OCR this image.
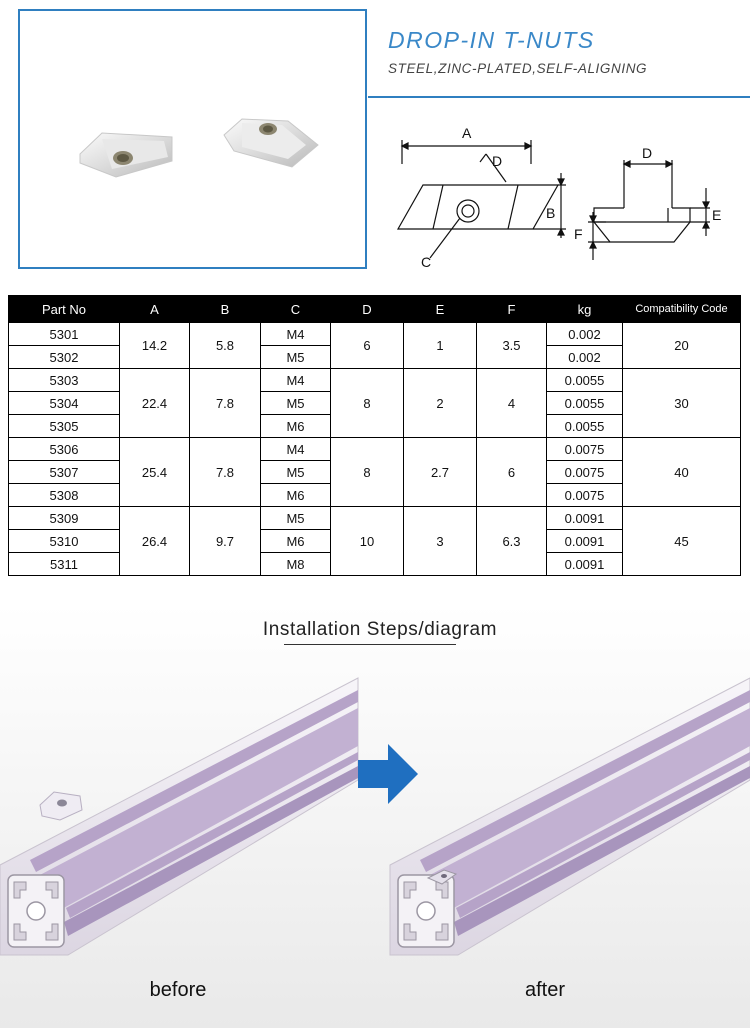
DROP-IN T-NUTS
STEEL,ZINC-PLATED,SELF-ALIGNING
A
D
B
C
D
E
F
Part No	A	B	C	D	E	F	kg	Compatibility Code
5301	14.2	5.8	M4	6	1	3.5	0.002	20
5302			M5				0.002	
5303	22.4	7.8	M4	8	2	4	0.0055	30
5304			M5				0.0055	
5305			M6				0.0055	
5306	25.4	7.8	M4	8	2.7	6	0.0075	40
5307			M5				0.0075	
5308			M6				0.0075	
5309	26.4	9.7	M5	10	3	6.3	0.0091	45
5310			M6				0.0091	
5311			M8				0.0091	
Installation Steps/diagram
before	after
